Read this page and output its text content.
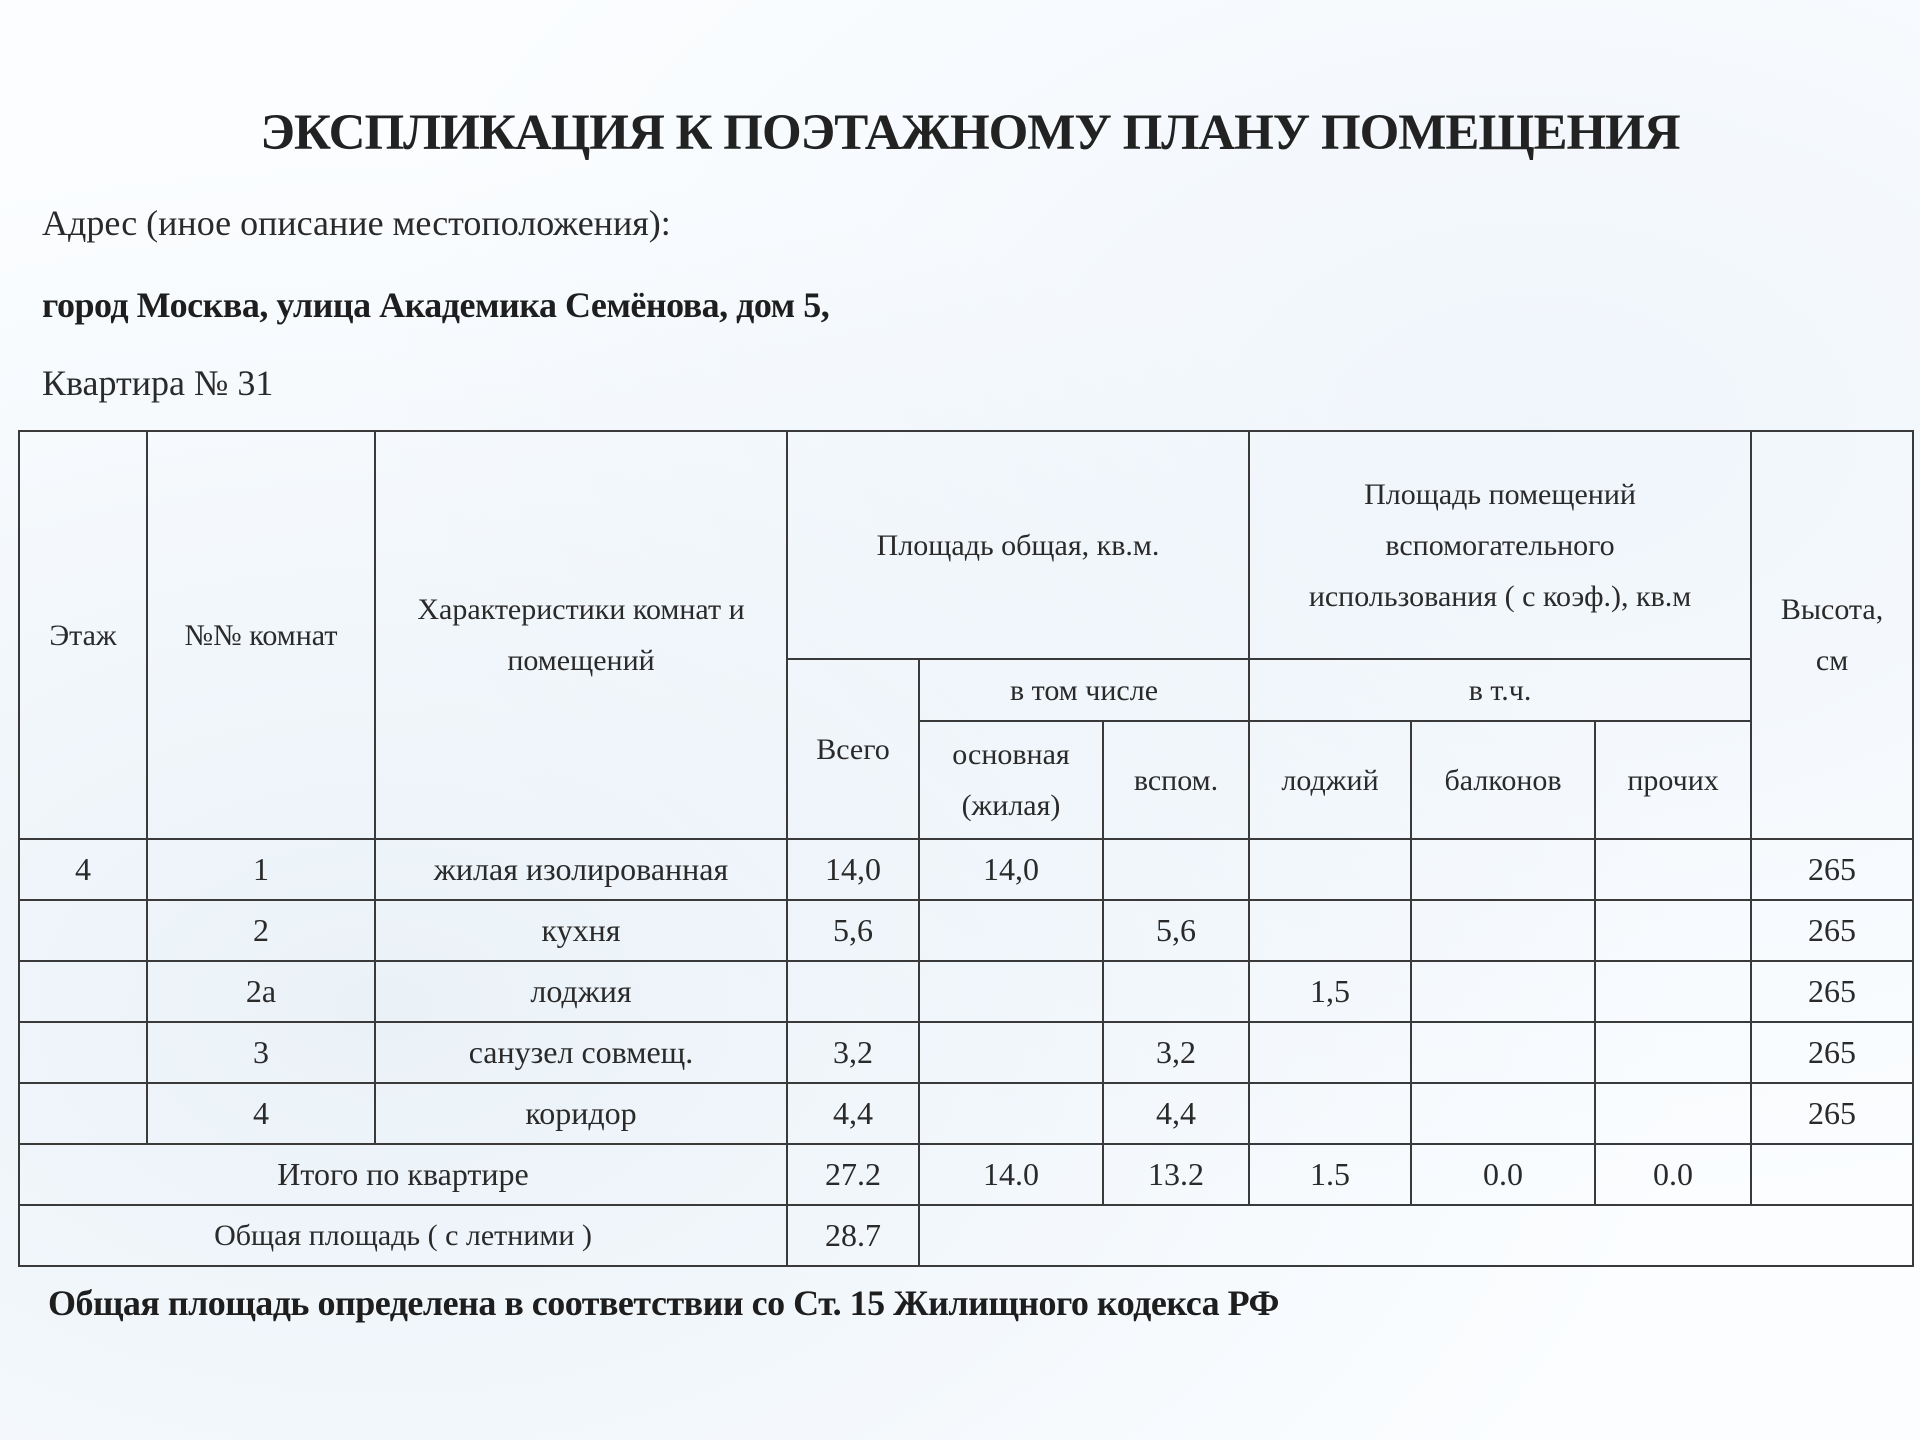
ЭКСПЛИКАЦИЯ К ПОЭТАЖНОМУ ПЛАНУ ПОМЕЩЕНИЯ
Адрес (иное описание местоположения):
город Москва, улица Академика Семёнова, дом 5,
Квартира № 31
Этаж	№№ комнат	Характеристики комнат и помещений	Площадь общая, кв.м.			Площадь помещений вспомогательного использования ( с коэф.), кв.м			Высота, см
			Всего	в том числе		в т.ч.			
				основная (жилая)	вспом.	лоджий	балконов	прочих	
4	1	жилая изолированная	14,0	14,0					265
	2	кухня	5,6		5,6				265
	2а	лоджия				1,5			265
	3	санузел совмещ.	3,2		3,2				265
	4	коридор	4,4		4,4				265
Итого по квартире			27.2	14.0	13.2	1.5	0.0	0.0	
Общая площадь ( с летними )			28.7						
Общая площадь определена в соответствии со Ст. 15 Жилищного кодекса РФ
